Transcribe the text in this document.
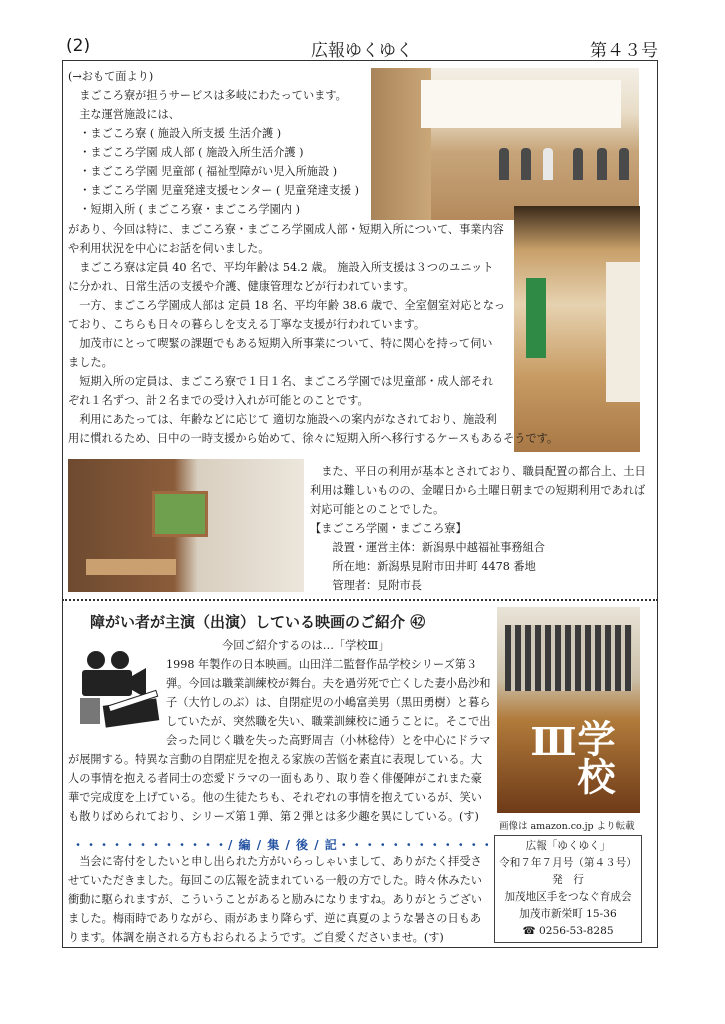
(2)	広報ゆくゆく	第４３号
(→おもて面より)
　まごころ寮が担うサービスは多岐にわたっています。
　主な運営施設には、
　・まごころ寮 ( 施設入所支援 生活介護 )
　・まごころ学園 成人部 ( 施設入所生活介護 )
　・まごころ学園 児童部 ( 福祉型障がい児入所施設 )
　・まごころ学園 児童発達支援センター ( 児童発達支援 )
　・短期入所 ( まごころ寮・まごころ学園内 )
があり、今回は特に、まごころ寮・まごころ学園成人部・短期入所について、事業内容
や利用状況を中心にお話を伺いました。
　まごころ寮は定員 40 名で、平均年齢は 54.2 歳。 施設入所支援は３つのユニット
に分かれ、日常生活の支援や介護、健康管理などが行われています。
　一方、まごころ学園成人部は 定員 18 名、平均年齢 38.6 歳で、全室個室対応となっ
ており、こちらも日々の暮らしを支える丁寧な支援が行われています。
　加茂市にとって喫緊の課題でもある短期入所事業について、特に関心を持って伺い
ました。
　短期入所の定員は、まごころ寮で１日１名、まごころ学園では児童部・成人部それ
ぞれ１名ずつ、計２名までの受け入れが可能とのことです。
　利用にあたっては、年齢などに応じて 適切な施設への案内がなされており、施設利
用に慣れるため、日中の一時支援から始めて、徐々に短期入所へ移行するケースもあるそうです。
　また、平日の利用が基本とされており、職員配置の都合上、土日
利用は難しいものの、金曜日から土曜日朝までの短期利用であれば
対応可能とのことでした。
【まごころ学園・まごころ寮】
　　設置・運営主体：新潟県中越福祉事務組合
　　所在地：新潟県見附市田井町 4478 番地
　　管理者：見附市長
障がい者が主演（出演）している映画のご紹介 ㊷
今回ご紹介するのは…「学校Ⅲ」
1998 年製作の日本映画。山田洋二監督作品学校シリーズ第３
弾。今回は職業訓練校が舞台。夫を過労死で亡くした妻小島沙和
子（大竹しのぶ）は、自閉症児の小嶋富美男（黒田勇樹）と暮ら
していたが、突然職を失い、職業訓練校に通うことに。そこで出
会った同じく職を失った高野周吉（小林稔侍）とを中心にドラマ
が展開する。特異な言動の自閉症児を抱える家族の苦悩を素直に表現している。大
人の事情を抱える者同士の恋愛ドラマの一面もあり、取り巻く俳優陣がこれまた豪
華で完成度を上げている。他の生徒たちも、それぞれの事情を抱えているが、笑い
も散りばめられており、シリーズ第１弾、第２弾とは多少趣を異にしている。(す)
学校Ⅲ
画像は amazon.co.jp より転載
・・・・・・・・・・・・/ 編 / 集 / 後 / 記・・・・・・・・・・・・
　当会に寄付をしたいと申し出られた方がいらっしゃいまして、ありがたく拝受さ
せていただきました。毎回この広報を読まれている一般の方でした。時々休みたい
衝動に駆られますが、こういうことがあると励みになりますね。ありがとうござい
ました。梅雨時でありながら、雨があまり降らず、逆に真夏のような暑さの日もあ
ります。体調を崩される方もおられるようです。ご自愛くださいませ。(す)
広報「ゆくゆく」
令和７年７月号（第４３号）
発　行
加茂地区手をつなぐ育成会
加茂市新栄町 15-36
☎ 0256-53-8285
